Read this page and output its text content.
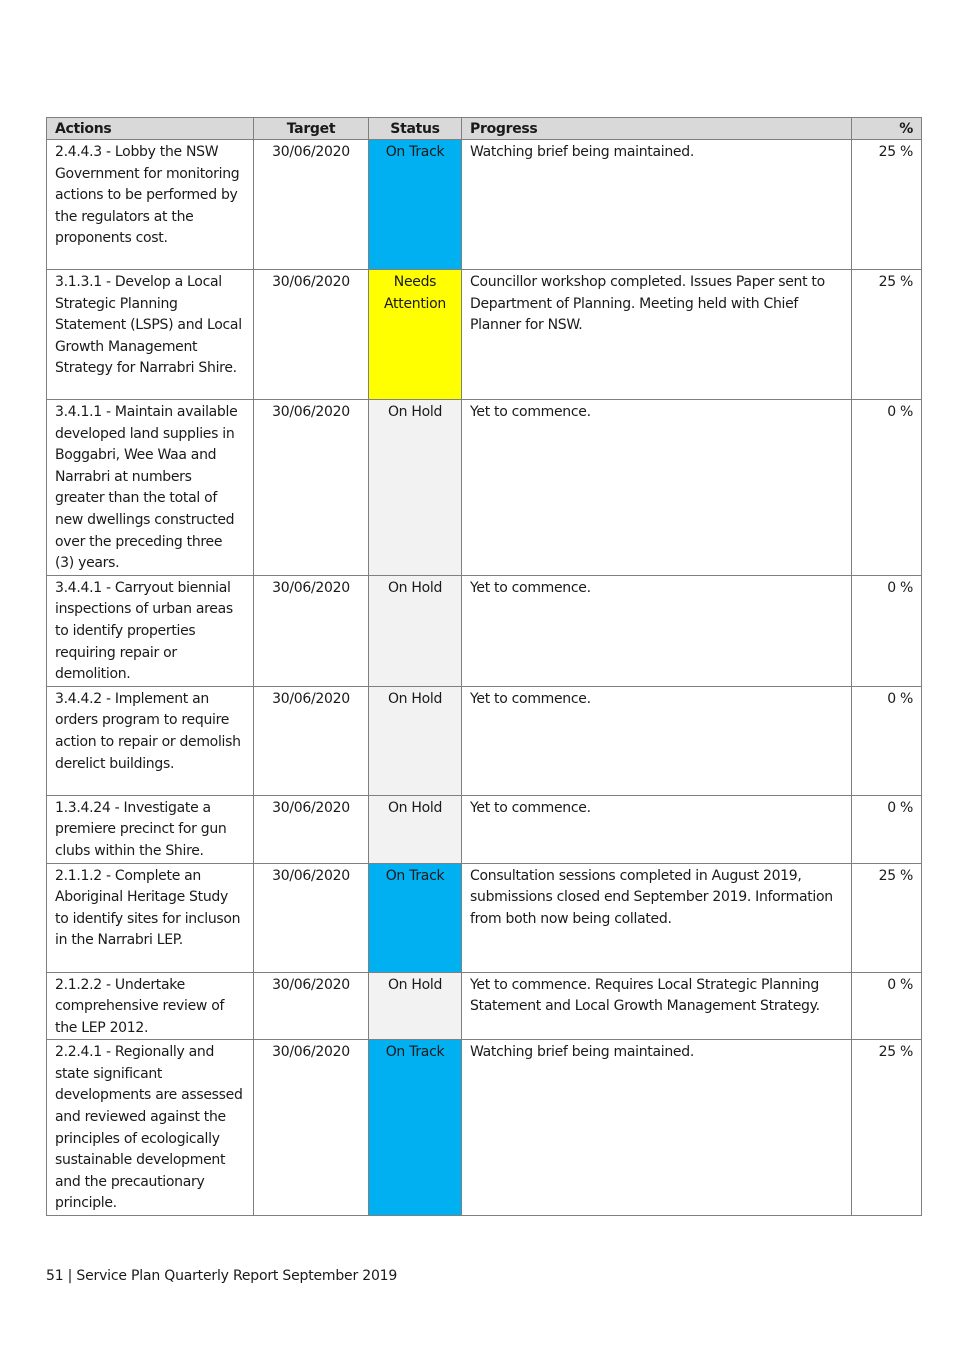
Actions	Target	Status	Progress	%
2.4.4.3 - Lobby the NSW Government for monitoring actions to be performed by the regulators at the proponents cost.	30/06/2020	On Track	Watching brief being maintained.	25 %
3.1.3.1 - Develop a Local Strategic Planning Statement (LSPS) and Local Growth Management Strategy for Narrabri Shire.	30/06/2020	Needs Attention	Councillor workshop completed. Issues Paper sent to Department of Planning. Meeting held with Chief Planner for NSW.	25 %
3.4.1.1 - Maintain available developed land supplies in Boggabri, Wee Waa and Narrabri at numbers greater than the total of new dwellings constructed over the preceding three (3) years.	30/06/2020	On Hold	Yet to commence.	0 %
3.4.4.1 - Carryout biennial inspections of urban areas to identify properties requiring repair or demolition.	30/06/2020	On Hold	Yet to commence.	0 %
3.4.4.2 - Implement an orders program to require action to repair or demolish derelict buildings.	30/06/2020	On Hold	Yet to commence.	0 %
1.3.4.24 - Investigate a premiere precinct for gun clubs within the Shire.	30/06/2020	On Hold	Yet to commence.	0 %
2.1.1.2 - Complete an Aboriginal Heritage Study to identify sites for incluson in the Narrabri LEP.	30/06/2020	On Track	Consultation sessions completed in August 2019, submissions closed end September 2019. Information from both now being collated.	25 %
2.1.2.2 - Undertake comprehensive review of the LEP 2012.	30/06/2020	On Hold	Yet to commence. Requires Local Strategic Planning Statement and Local Growth Management Strategy.	0 %
2.2.4.1 - Regionally and state significant developments are assessed and reviewed against the principles of ecologically sustainable development and the precautionary principle.	30/06/2020	On Track	Watching brief being maintained.	25 %
51 | Service Plan Quarterly Report September 2019
